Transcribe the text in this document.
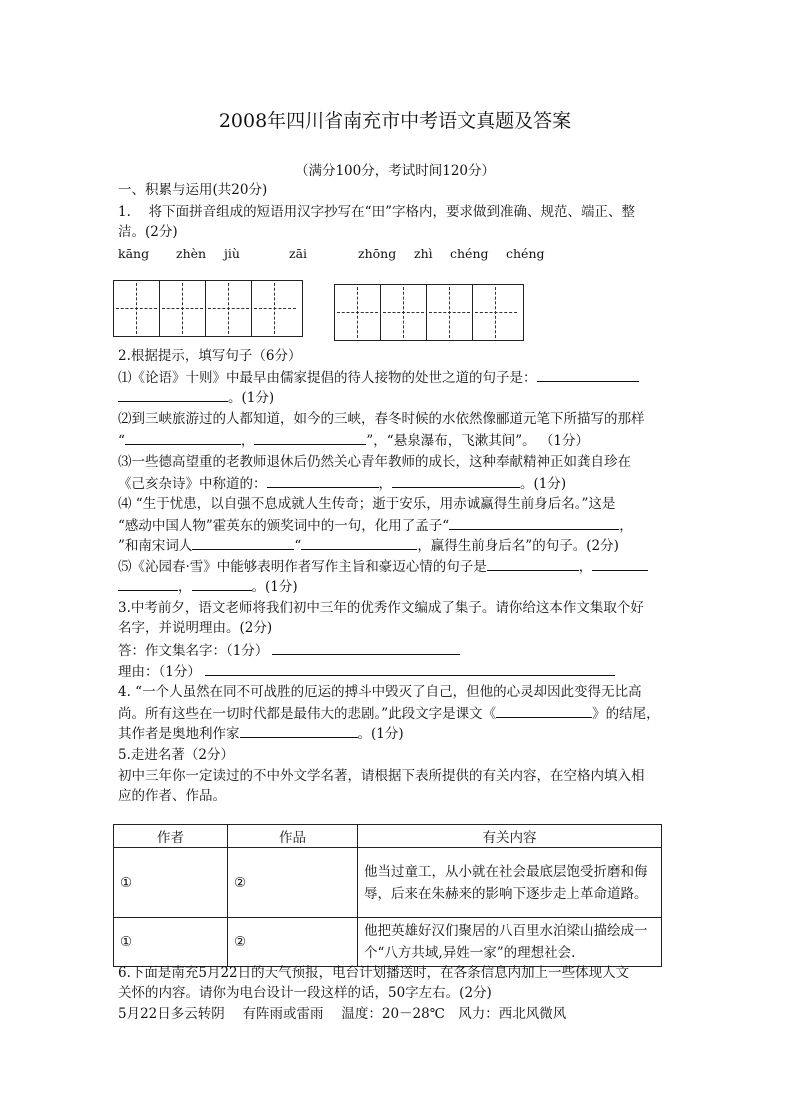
2008年四川省南充市中考语文真题及答案
（满分100分，考试时间120分）
一、积累与运用(共20分)
1.　 将下面拼音组成的短语用汉字抄写在“田”字格内，要求做到准确、规范、端正、整
洁。(2分)
kāng zhèn jiù	zāi	zhōng zhì chéng chéng
2.根据提示，填写句子（6分）
⑴《论语》十则》中最早由儒家提倡的待人接物的处世之道的句子是：
。(1分)
⑵到三峡旅游过的人都知道，如今的三峡，春冬时候的水依然像郦道元笔下所描写的那样
“	，	”，“悬泉瀑布，飞漱其间”。 （1分）
⑶一些德高望重的老教师退休后仍然关心青年教师的成长，这种奉献精神正如龚自珍在
《己亥杂诗》中称道的：	，	。(1分)
⑷ “生于忧患，以自强不息成就人生传奇；逝于安乐，用赤诚赢得生前身后名。”这是
“感动中国人物”霍英东的颁奖词中的一句，化用了孟子“	，
”和南宋词人	“	，赢得生前身后名”的句子。(2分)
⑸《沁园春·雪》中能够表明作者写作主旨和豪迈心情的句子是	，
，	。(1分)
3.中考前夕，语文老师将我们初中三年的优秀作文编成了集子。请你给这本作文集取个好
名字，并说明理由。(2分)
答：作文集名字：（1分）
理由：（1分）
4. “一个人虽然在同不可战胜的厄运的搏斗中毁灭了自己，但他的心灵却因此变得无比高
尚。所有这些在一切时代都是最伟大的悲剧。”此段文字是课文《	》的结尾，
其作者是奥地利作家	。(1分)
5.走进名著（2分）
初中三年你一定读过的不中外文学名著，请根据下表所提供的有关内容，在空格内填入相
应的作者、作品。
作者	作品	有关内容
①	②	他当过童工，从小就在社会最底层饱受折磨和侮辱，后来在朱赫来的影响下逐步走上革命道路。
①	②	他把英雄好汉们聚居的八百里水泊梁山描绘成一个“八方共域,异姓一家”的理想社会.
6.下面是南充5月22日的天气预报，电台计划播送时，在各条信息内加上一些体现人文
关怀的内容。请你为电台设计一段这样的话，50字左右。(2分)
5月22日多云转阴　 有阵雨或雷雨　 温度：20－28℃　风力：西北风微风
